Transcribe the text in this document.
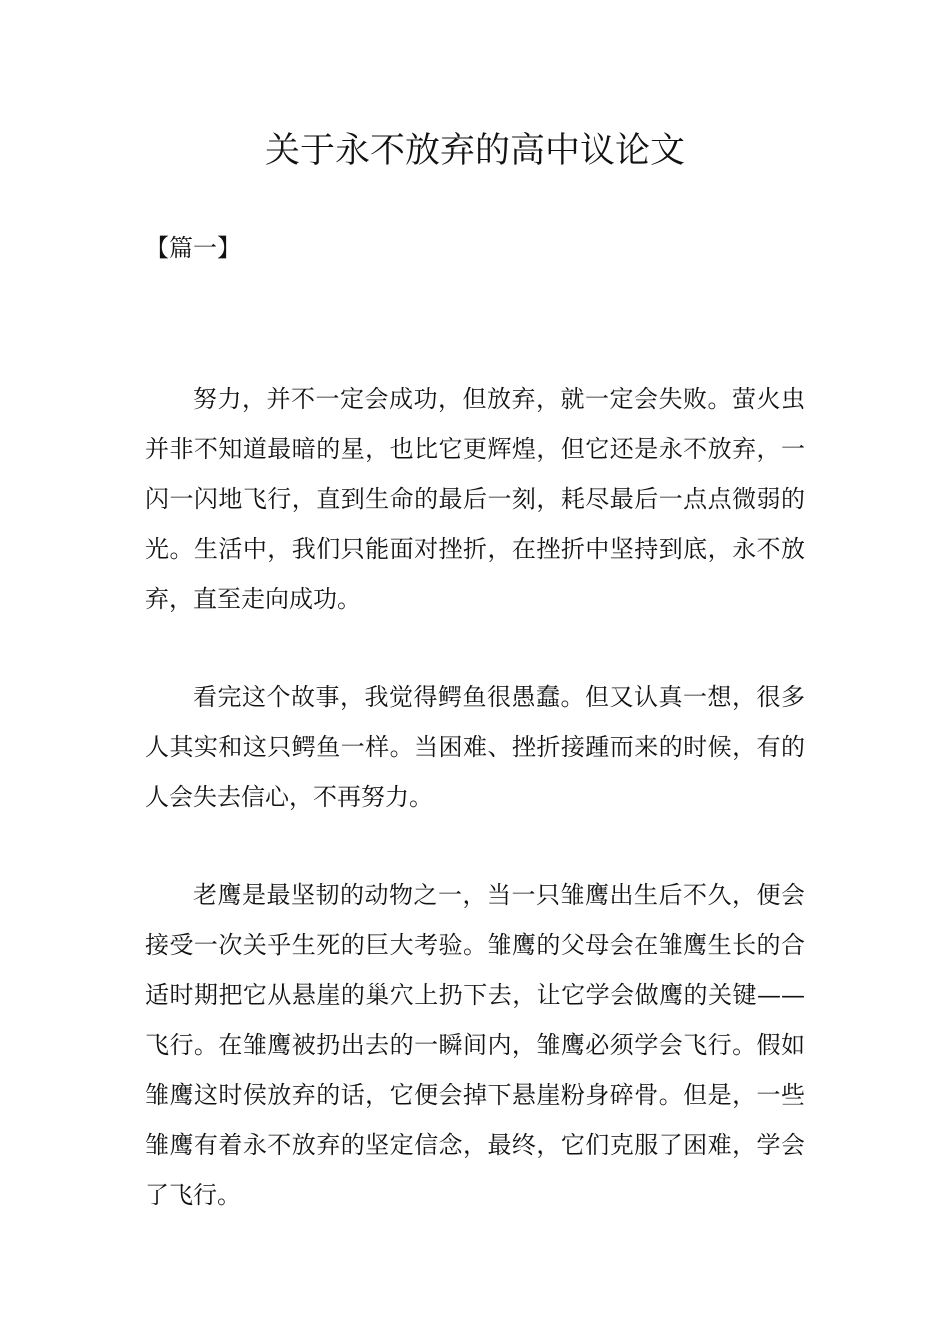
关于永不放弃的高中议论文

【篇一】

努力，并不一定会成功，但放弃，就一定会失败。萤火虫并非不知道最暗的星，也比它更辉煌，但它还是永不放弃，一闪一闪地飞行，直到生命的最后一刻，耗尽最后一点点微弱的光。生活中，我们只能面对挫折，在挫折中坚持到底，永不放弃，直至走向成功。

看完这个故事，我觉得鳄鱼很愚蠢。但又认真一想，很多人其实和这只鳄鱼一样。当困难、挫折接踵而来的时候，有的人会失去信心，不再努力。

老鹰是最坚韧的动物之一，当一只雏鹰出生后不久，便会接受一次关乎生死的巨大考验。雏鹰的父母会在雏鹰生长的合适时期把它从悬崖的巢穴上扔下去，让它学会做鹰的关键——飞行。在雏鹰被扔出去的一瞬间内，雏鹰必须学会飞行。假如雏鹰这时侯放弃的话，它便会掉下悬崖粉身碎骨。但是，一些雏鹰有着永不放弃的坚定信念，最终，它们克服了困难，学会了飞行。
